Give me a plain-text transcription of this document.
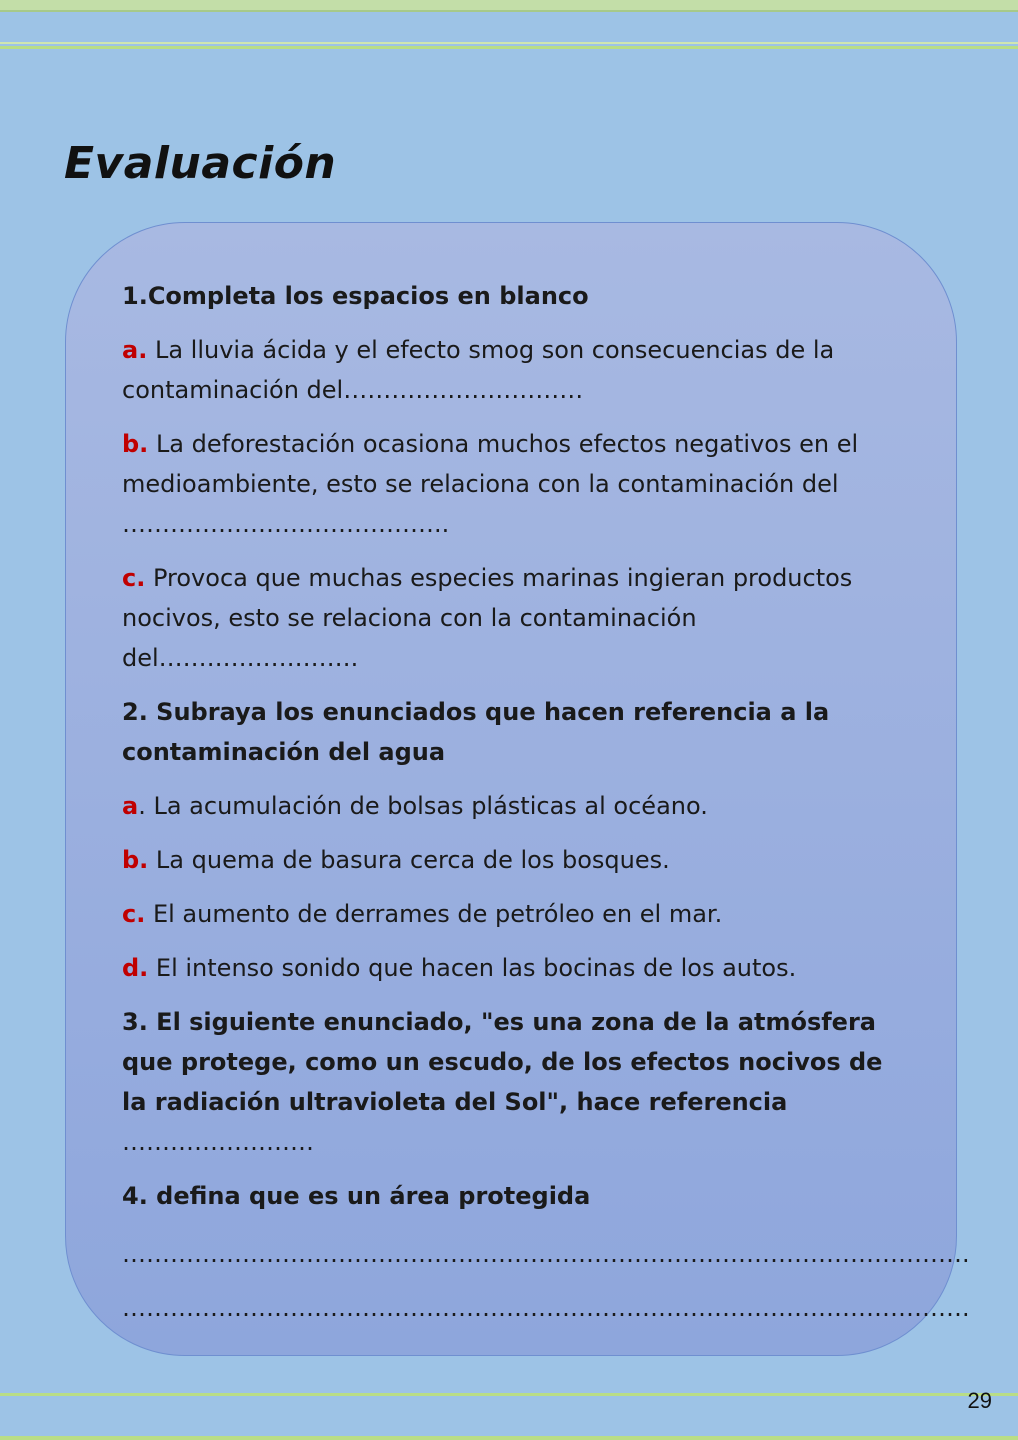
Evaluación

1.Completa los espacios en blanco

a. La lluvia ácida y el efecto smog son consecuencias de la contaminación del…………………………

b. La deforestación ocasiona muchos efectos negativos en el medioambiente, esto se relaciona con la contaminación del
…………………………………..

c. Provoca que muchas especies marinas ingieran productos nocivos, esto se relaciona con la contaminación
del…………………….

2. Subraya los enunciados que hacen referencia a la contaminación del agua

a. La acumulación de bolsas plásticas al océano.

b. La quema de basura cerca de los bosques.

c. El aumento de derrames de petróleo en el mar.

d. El intenso sonido que hacen las bocinas de los autos.

3. El siguiente enunciado, "es una zona de la atmósfera que protege, como un escudo, de los efectos nocivos de la radiación ultravioleta del Sol", hace referencia ……………………

4. defina que es un área protegida

…………………………………………………………………………………………….

…………………………………………………………………………………………….

29
